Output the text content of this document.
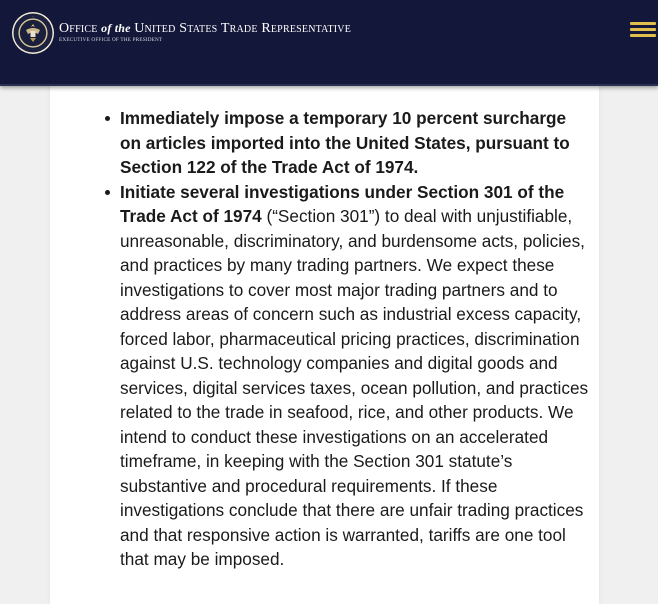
Office of the United States Trade Representative
EXECUTIVE OFFICE OF THE PRESIDENT
Immediately impose a temporary 10 percent surcharge on articles imported into the United States, pursuant to Section 122 of the Trade Act of 1974.
Initiate several investigations under Section 301 of the Trade Act of 1974 (“Section 301”) to deal with unjustifiable, unreasonable, discriminatory, and burdensome acts, policies, and practices by many trading partners. We expect these investigations to cover most major trading partners and to address areas of concern such as industrial excess capacity, forced labor, pharmaceutical pricing practices, discrimination against U.S. technology companies and digital goods and services, digital services taxes, ocean pollution, and practices related to the trade in seafood, rice, and other products. We intend to conduct these investigations on an accelerated timeframe, in keeping with the Section 301 statute’s substantive and procedural requirements. If these investigations conclude that there are unfair trading practices and that responsive action is warranted, tariffs are one tool that may be imposed.
